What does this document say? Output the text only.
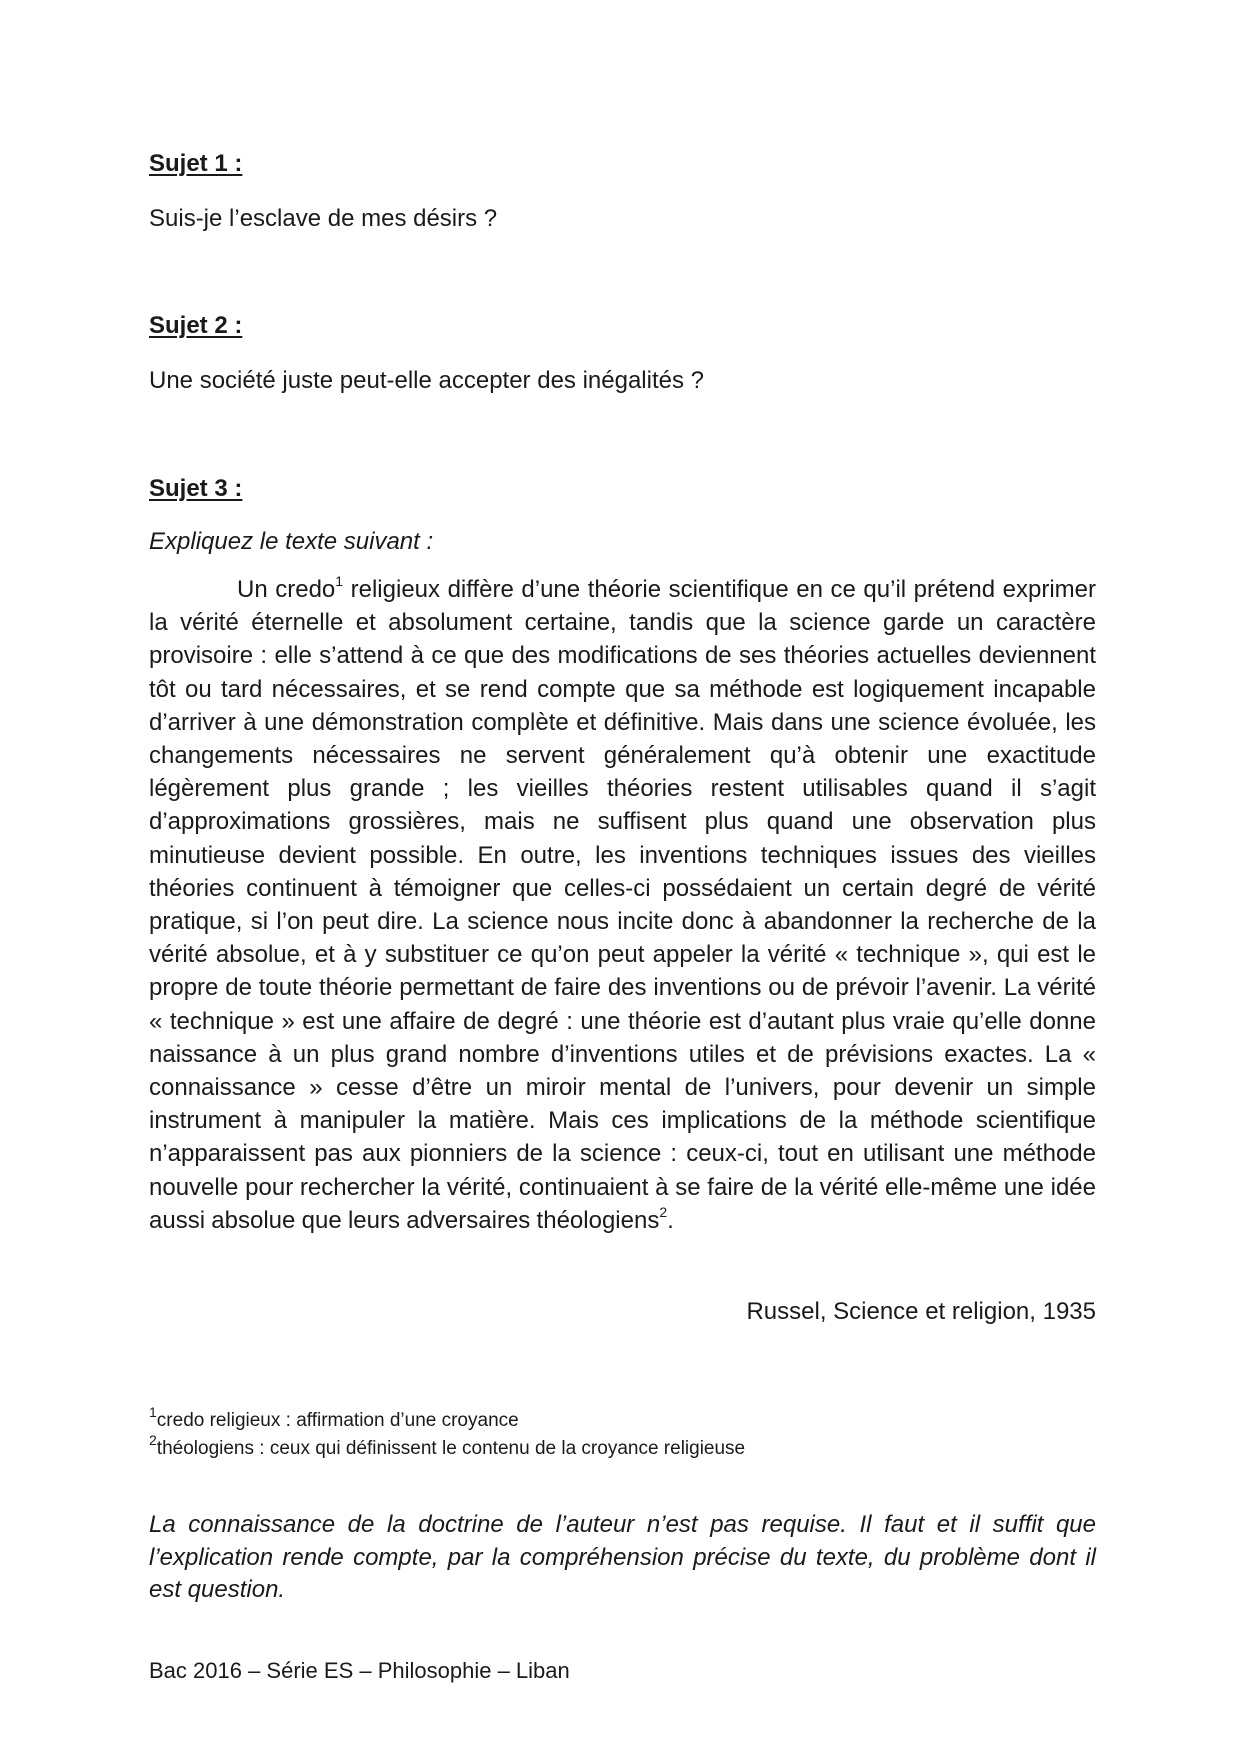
Sujet 1 :

Suis-je l’esclave de mes désirs ?

Sujet 2 :

Une société juste peut-elle accepter des inégalités ?

Sujet 3 :

Expliquez le texte suivant :

Un credo$^1$ religieux diffère d’une théorie scientifique en ce qu’il prétend exprimer la vérité éternelle et absolument certaine, tandis que la science garde un caractère provisoire : elle s’attend à ce que des modifications de ses théories actuelles deviennent tôt ou tard nécessaires, et se rend compte que sa méthode est logiquement incapable d’arriver à une démonstration complète et définitive. Mais dans une science évoluée, les changements nécessaires ne servent généralement qu’à obtenir une exactitude légèrement plus grande ; les vieilles théories restent utilisables quand il s’agit d’approximations grossières, mais ne suffisent plus quand une observation plus minutieuse devient possible. En outre, les inventions techniques issues des vieilles théories continuent à témoigner que celles-ci possédaient un certain degré de vérité pratique, si l’on peut dire. La science nous incite donc à abandonner la recherche de la vérité absolue, et à y substituer ce qu’on peut appeler la vérité « technique », qui est le propre de toute théorie permettant de faire des inventions ou de prévoir l’avenir. La vérité « technique » est une affaire de degré : une théorie est d’autant plus vraie qu’elle donne naissance à un plus grand nombre d’inventions utiles et de prévisions exactes. La « connaissance » cesse d’être un miroir mental de l’univers, pour devenir un simple instrument à manipuler la matière. Mais ces implications de la méthode scientifique n’apparaissent pas aux pionniers de la science : ceux-ci, tout en utilisant une méthode nouvelle pour rechercher la vérité, continuaient à se faire de la vérité elle-même une idée aussi absolue que leurs adversaires théologiens$^2$.

Russel, Science et religion, 1935

$^1$credo religieux : affirmation d’une croyance

$^2$théologiens : ceux qui définissent le contenu de la croyance religieuse

La connaissance de la doctrine de l’auteur n’est pas requise. Il faut et il suffit que l’explication rende compte, par la compréhension précise du texte, du problème dont il est question.

Bac 2016 – Série ES – Philosophie – Liban
